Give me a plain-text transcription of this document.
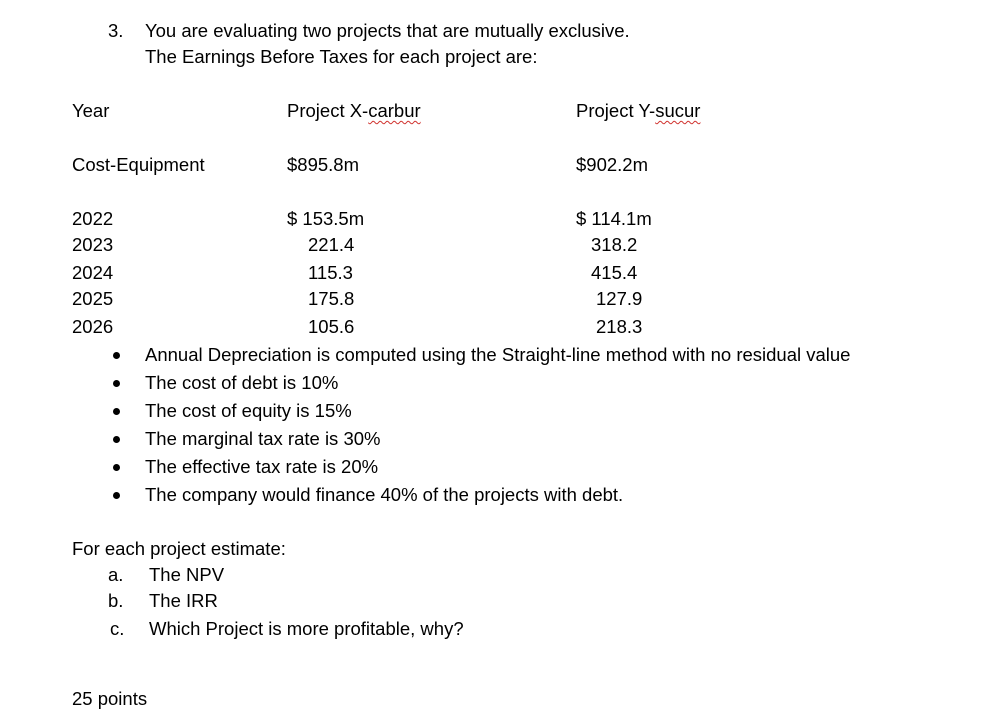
3. You are evaluating two projects that are mutually exclusive.
The Earnings Before Taxes for each project are:
Year	Project X-carbur	Project Y-sucur
Cost-Equipment	$895.8m	$902.2m
2022	$ 153.5m	$ 114.1m
2023	221.4	318.2
2024	115.3	415.4
2025	175.8	127.9
2026	105.6	218.3
Annual Depreciation is computed using the Straight-line method with no residual value
The cost of debt is 10%
The cost of equity is 15%
The marginal tax rate is 30%
The effective tax rate is 20%
The company would finance 40% of the projects with debt.
For each project estimate:
a. The NPV
b. The IRR
c. Which Project is more profitable, why?
25 points
